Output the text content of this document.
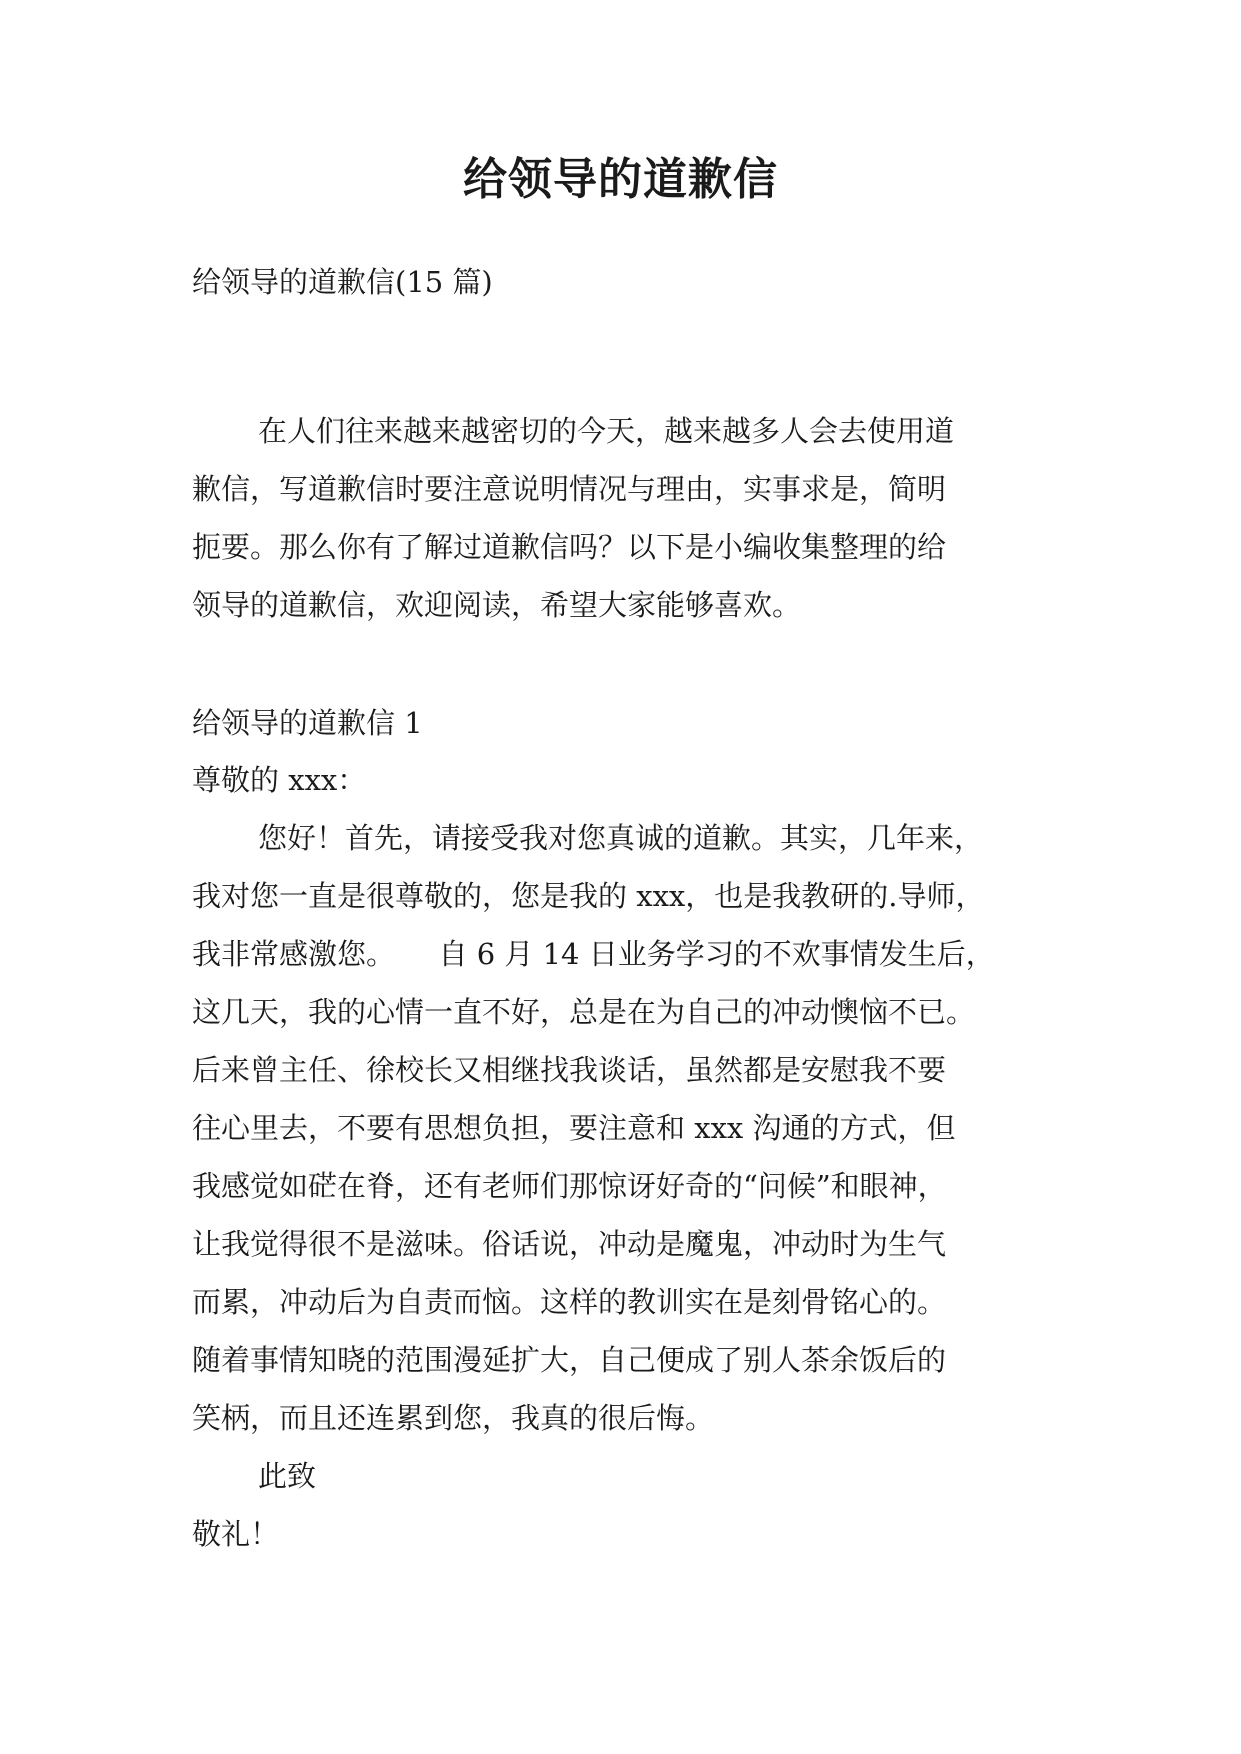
给领导的道歉信
给领导的道歉信(15 篇)
在人们往来越来越密切的今天，越来越多人会去使用道
歉信，写道歉信时要注意说明情况与理由，实事求是，简明
扼要。那么你有了解过道歉信吗？以下是小编收集整理的给
领导的道歉信，欢迎阅读，希望大家能够喜欢。
给领导的道歉信 1
尊敬的 xxx：
您好！首先，请接受我对您真诚的道歉。其实，几年来，
我对您一直是很尊敬的，您是我的 xxx，也是我教研的.导师，
我非常感激您。　　自 6 月 14 日业务学习的不欢事情发生后，
这几天，我的心情一直不好，总是在为自己的冲动懊恼不已。
后来曾主任、徐校长又相继找我谈话，虽然都是安慰我不要
往心里去，不要有思想负担，要注意和 xxx 沟通的方式，但
我感觉如硭在脊，还有老师们那惊讶好奇的“问候”和眼神，
让我觉得很不是滋味。俗话说，冲动是魔鬼，冲动时为生气
而累，冲动后为自责而恼。这样的教训实在是刻骨铭心的。
随着事情知晓的范围漫延扩大，自己便成了别人茶余饭后的
笑柄，而且还连累到您，我真的很后悔。
此致
敬礼！
